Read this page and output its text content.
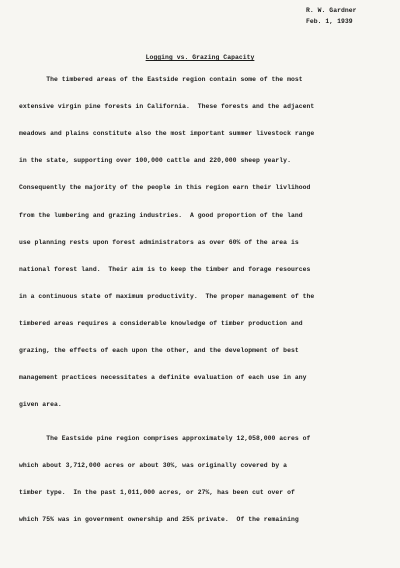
R. W. Gardner
Feb. 1, 1939
Logging vs. Grazing Capacity
The timbered areas of the Eastside region contain some of the most
extensive virgin pine forests in California.  These forests and the adjacent
meadows and plains constitute also the most important summer livestock range
in the state, supporting over 100,000 cattle and 220,000 sheep yearly.
Consequently the majority of the people in this region earn their livlihood
from the lumbering and grazing industries.  A good proportion of the land
use planning rests upon forest administrators as over 60% of the area is
national forest land.  Their aim is to keep the timber and forage resources
in a continuous state of maximum productivity.  The proper management of the
timbered areas requires a considerable knowledge of timber production and
grazing, the effects of each upon the other, and the development of best
management practices necessitates a definite evaluation of each use in any
given area.
The Eastside pine region comprises approximately 12,058,000 acres of
which about 3,712,000 acres or about 30%, was originally covered by a
timber type.  In the past 1,011,000 acres, or 27%, has been cut over of
which 75% was in government ownership and 25% private.  Of the remaining
